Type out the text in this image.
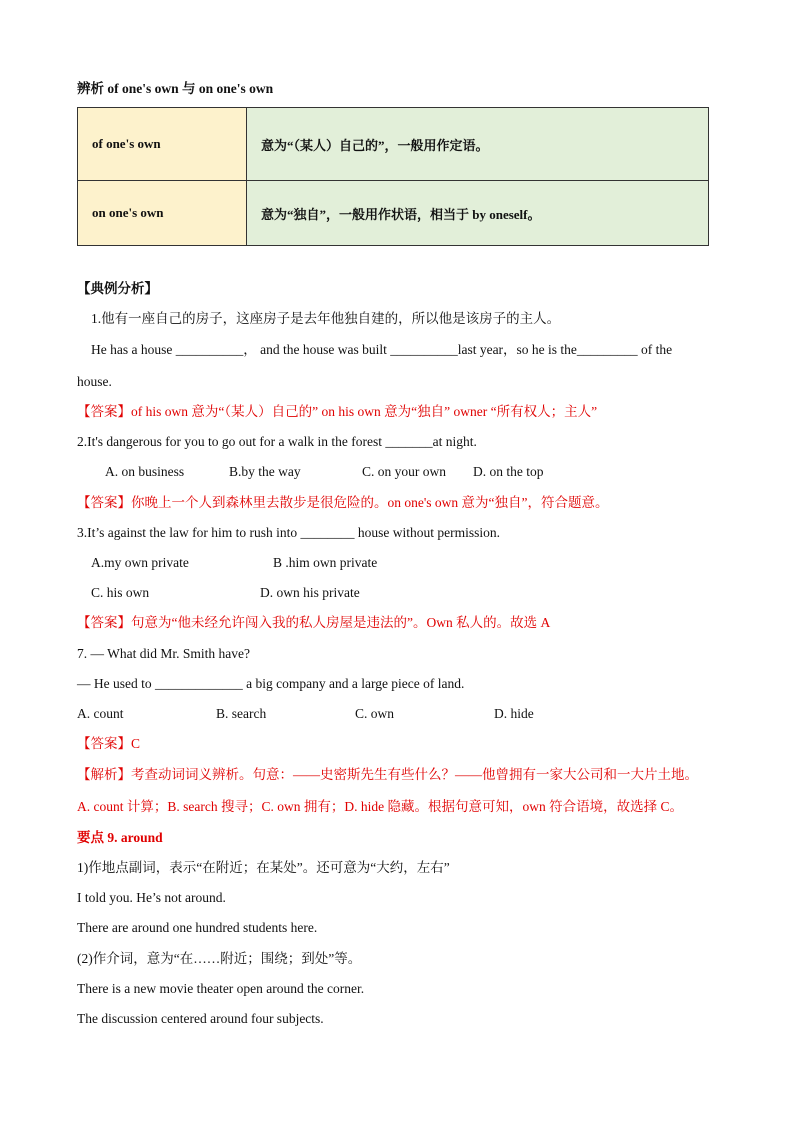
辨析 of one's own 与 on one's own
of one's own	意为“（某人）自己的”，一般用作定语。
on one's own	意为“独自”，一般用作状语，相当于 by oneself。
【典例分析】
1.他有一座自己的房子，这座房子是去年他独自建的，所以他是该房子的主人。
He has a house __________， and the house was built __________last year，so he is the_________ of the
house.
【答案】of his own 意为“（某人）自己的” on his own 意为“独自” owner “所有权人；主人”
2.It's dangerous for you to go out for a walk in the forest _______at night.
A. on business	B.by the way	C. on your own D. on the top
【答案】你晚上一个人到森林里去散步是很危险的。on one's own 意为“独自”，符合题意。
3.It’s against the law for him to rush into ________ house without permission.
A.my own private	B .him own private
C. his own	D. own his private
【答案】句意为“他未经允许闯入我的私人房屋是违法的”。Own 私人的。故选 A
7. — What did Mr. Smith have?
— He used to _____________ a big company and a large piece of land.
A. count	B. search	C. own	D. hide
【答案】C
【解析】考查动词词义辨析。句意：——史密斯先生有些什么？——他曾拥有一家大公司和一大片土地。
A. count 计算；B. search 搜寻；C. own 拥有；D. hide 隐藏。根据句意可知，own 符合语境，故选择 C。
要点 9. around
1)作地点副词，表示“在附近；在某处”。还可意为“大约，左右”
I told you. He’s not around.
There are around one hundred students here.
(2)作介词，意为“在……附近；围绕；到处”等。
There is a new movie theater open around the corner.
The discussion centered around four subjects.
